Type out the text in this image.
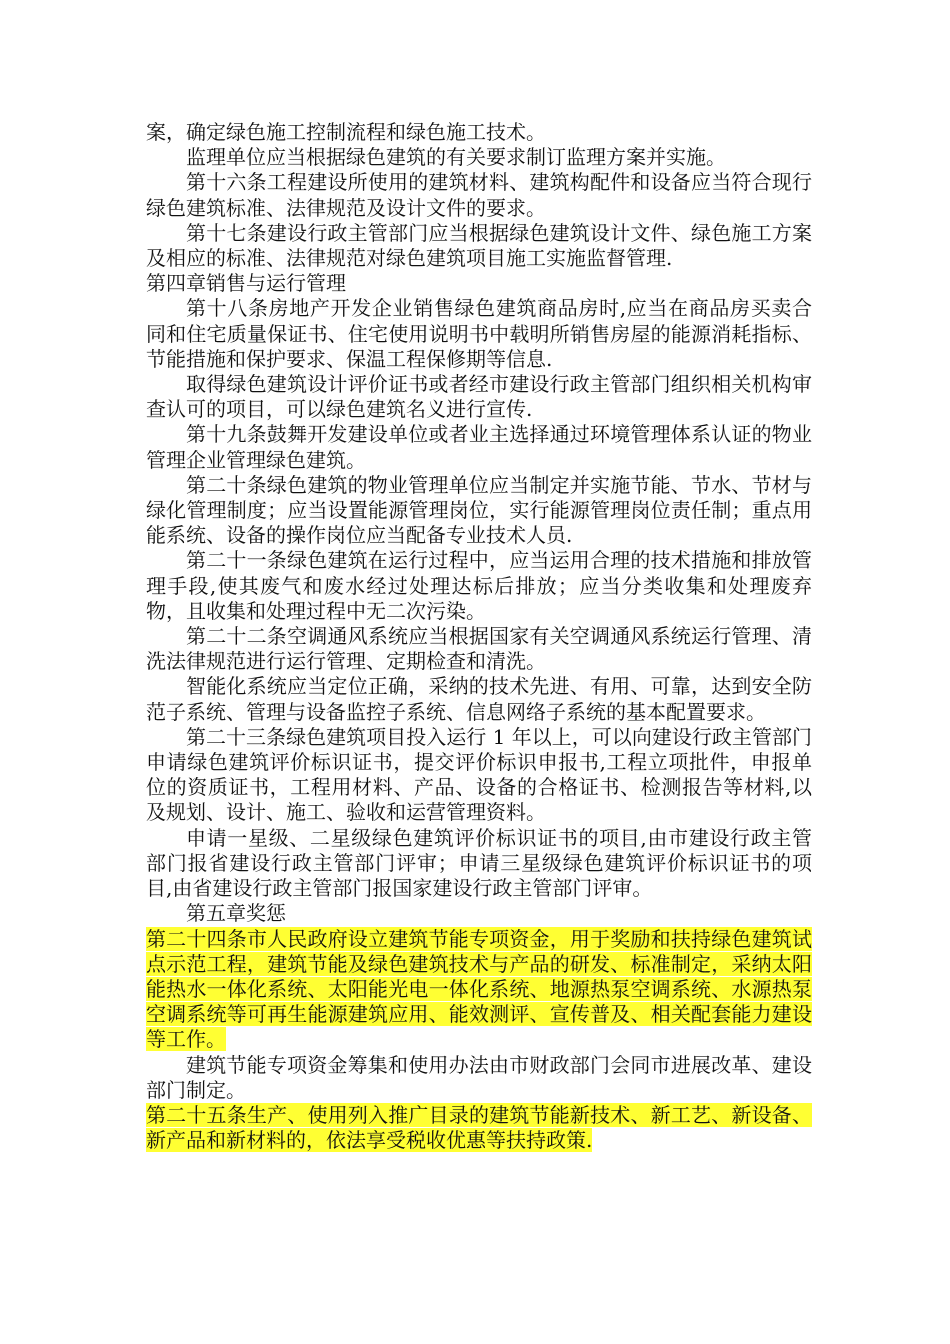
案，确定绿色施工控制流程和绿色施工技术。

监理单位应当根据绿色建筑的有关要求制订监理方案并实施。

第十六条工程建设所使用的建筑材料、建筑构配件和设备应当符合现行绿色建筑标准、法律规范及设计文件的要求。

第十七条建设行政主管部门应当根据绿色建筑设计文件、绿色施工方案及相应的标准、法律规范对绿色建筑项目施工实施监督管理.

第四章销售与运行管理

第十八条房地产开发企业销售绿色建筑商品房时,应当在商品房买卖合同和住宅质量保证书、住宅使用说明书中载明所销售房屋的能源消耗指标、节能措施和保护要求、保温工程保修期等信息.

取得绿色建筑设计评价证书或者经市建设行政主管部门组织相关机构审查认可的项目，可以绿色建筑名义进行宣传.

第十九条鼓舞开发建设单位或者业主选择通过环境管理体系认证的物业管理企业管理绿色建筑。

第二十条绿色建筑的物业管理单位应当制定并实施节能、节水、节材与绿化管理制度；应当设置能源管理岗位，实行能源管理岗位责任制；重点用能系统、设备的操作岗位应当配备专业技术人员.

第二十一条绿色建筑在运行过程中，应当运用合理的技术措施和排放管理手段,使其废气和废水经过处理达标后排放；应当分类收集和处理废弃物，且收集和处理过程中无二次污染。

第二十二条空调通风系统应当根据国家有关空调通风系统运行管理、清洗法律规范进行运行管理、定期检查和清洗。

智能化系统应当定位正确，采纳的技术先进、有用、可靠，达到安全防范子系统、管理与设备监控子系统、信息网络子系统的基本配置要求。

第二十三条绿色建筑项目投入运行 1 年以上，可以向建设行政主管部门申请绿色建筑评价标识证书，提交评价标识申报书,工程立项批件，申报单位的资质证书，工程用材料、产品、设备的合格证书、检测报告等材料,以及规划、设计、施工、验收和运营管理资料。

申请一星级、二星级绿色建筑评价标识证书的项目,由市建设行政主管部门报省建设行政主管部门评审；申请三星级绿色建筑评价标识证书的项目,由省建设行政主管部门报国家建设行政主管部门评审。

第五章奖惩

第二十四条市人民政府设立建筑节能专项资金，用于奖励和扶持绿色建筑试点示范工程，建筑节能及绿色建筑技术与产品的研发、标准制定，采纳太阳能热水一体化系统、太阳能光电一体化系统、地源热泵空调系统、水源热泵空调系统等可再生能源建筑应用、能效测评、宣传普及、相关配套能力建设等工作。

建筑节能专项资金筹集和使用办法由市财政部门会同市进展改革、建设部门制定。

第二十五条生产、使用列入推广目录的建筑节能新技术、新工艺、新设备、新产品和新材料的，依法享受税收优惠等扶持政策.
